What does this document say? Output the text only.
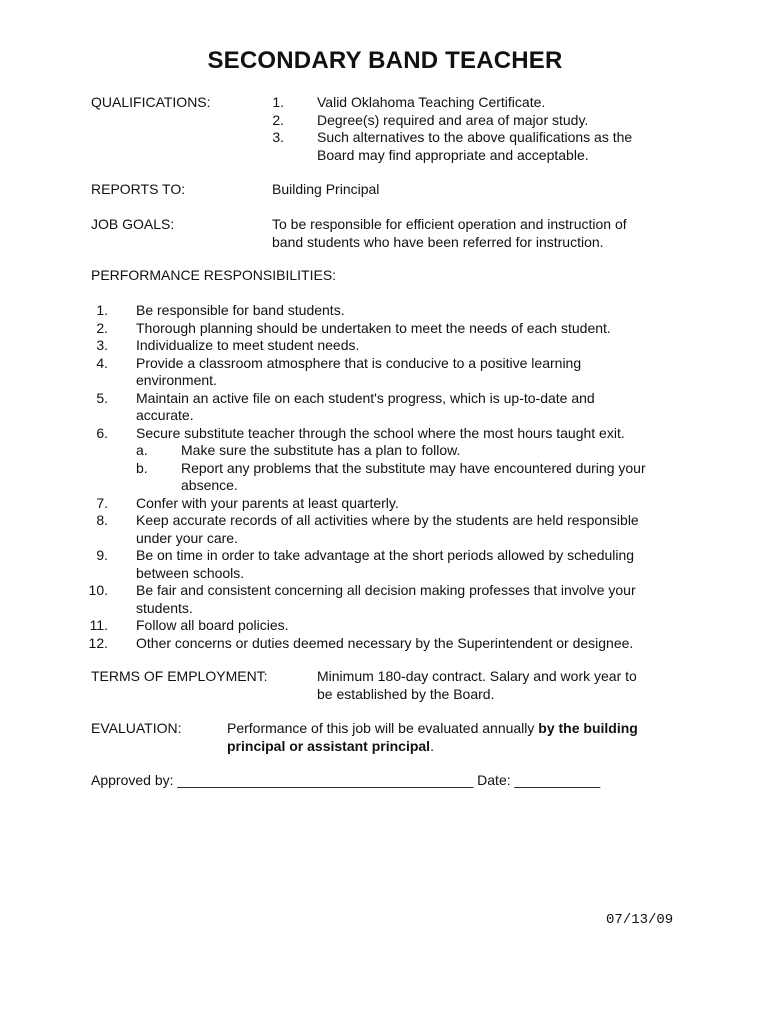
SECONDARY BAND TEACHER
QUALIFICATIONS:	1. Valid Oklahoma Teaching Certificate.
2. Degree(s) required and area of major study.
3. Such alternatives to the above qualifications as the
Board may find appropriate and acceptable.
REPORTS TO:	Building Principal
JOB GOALS:	To be responsible for efficient operation and instruction of
band students who have been referred for instruction.
PERFORMANCE RESPONSIBILITIES:
1. Be responsible for band students.
2. Thorough planning should be undertaken to meet the needs of each student.
3. Individualize to meet student needs.
4. Provide a classroom atmosphere that is conducive to a positive learning
environment.
5. Maintain an active file on each student's progress, which is up-to-date and
accurate.
6. Secure substitute teacher through the school where the most hours taught exit.
a. Make sure the substitute has a plan to follow.
b. Report any problems that the substitute may have encountered during your
absence.
7. Confer with your parents at least quarterly.
8. Keep accurate records of all activities where by the students are held responsible
under your care.
9. Be on time in order to take advantage at the short periods allowed by scheduling
between schools.
10. Be fair and consistent concerning all decision making professes that involve your
students.
11. Follow all board policies.
12. Other concerns or duties deemed necessary by the Superintendent or designee.
TERMS OF EMPLOYMENT:	Minimum 180-day contract. Salary and work year to
be established by the Board.
EVALUATION:	Performance of this job will be evaluated annually by the building
principal or assistant principal.
Approved by: ______________________________________ Date: ___________
07/13/09
